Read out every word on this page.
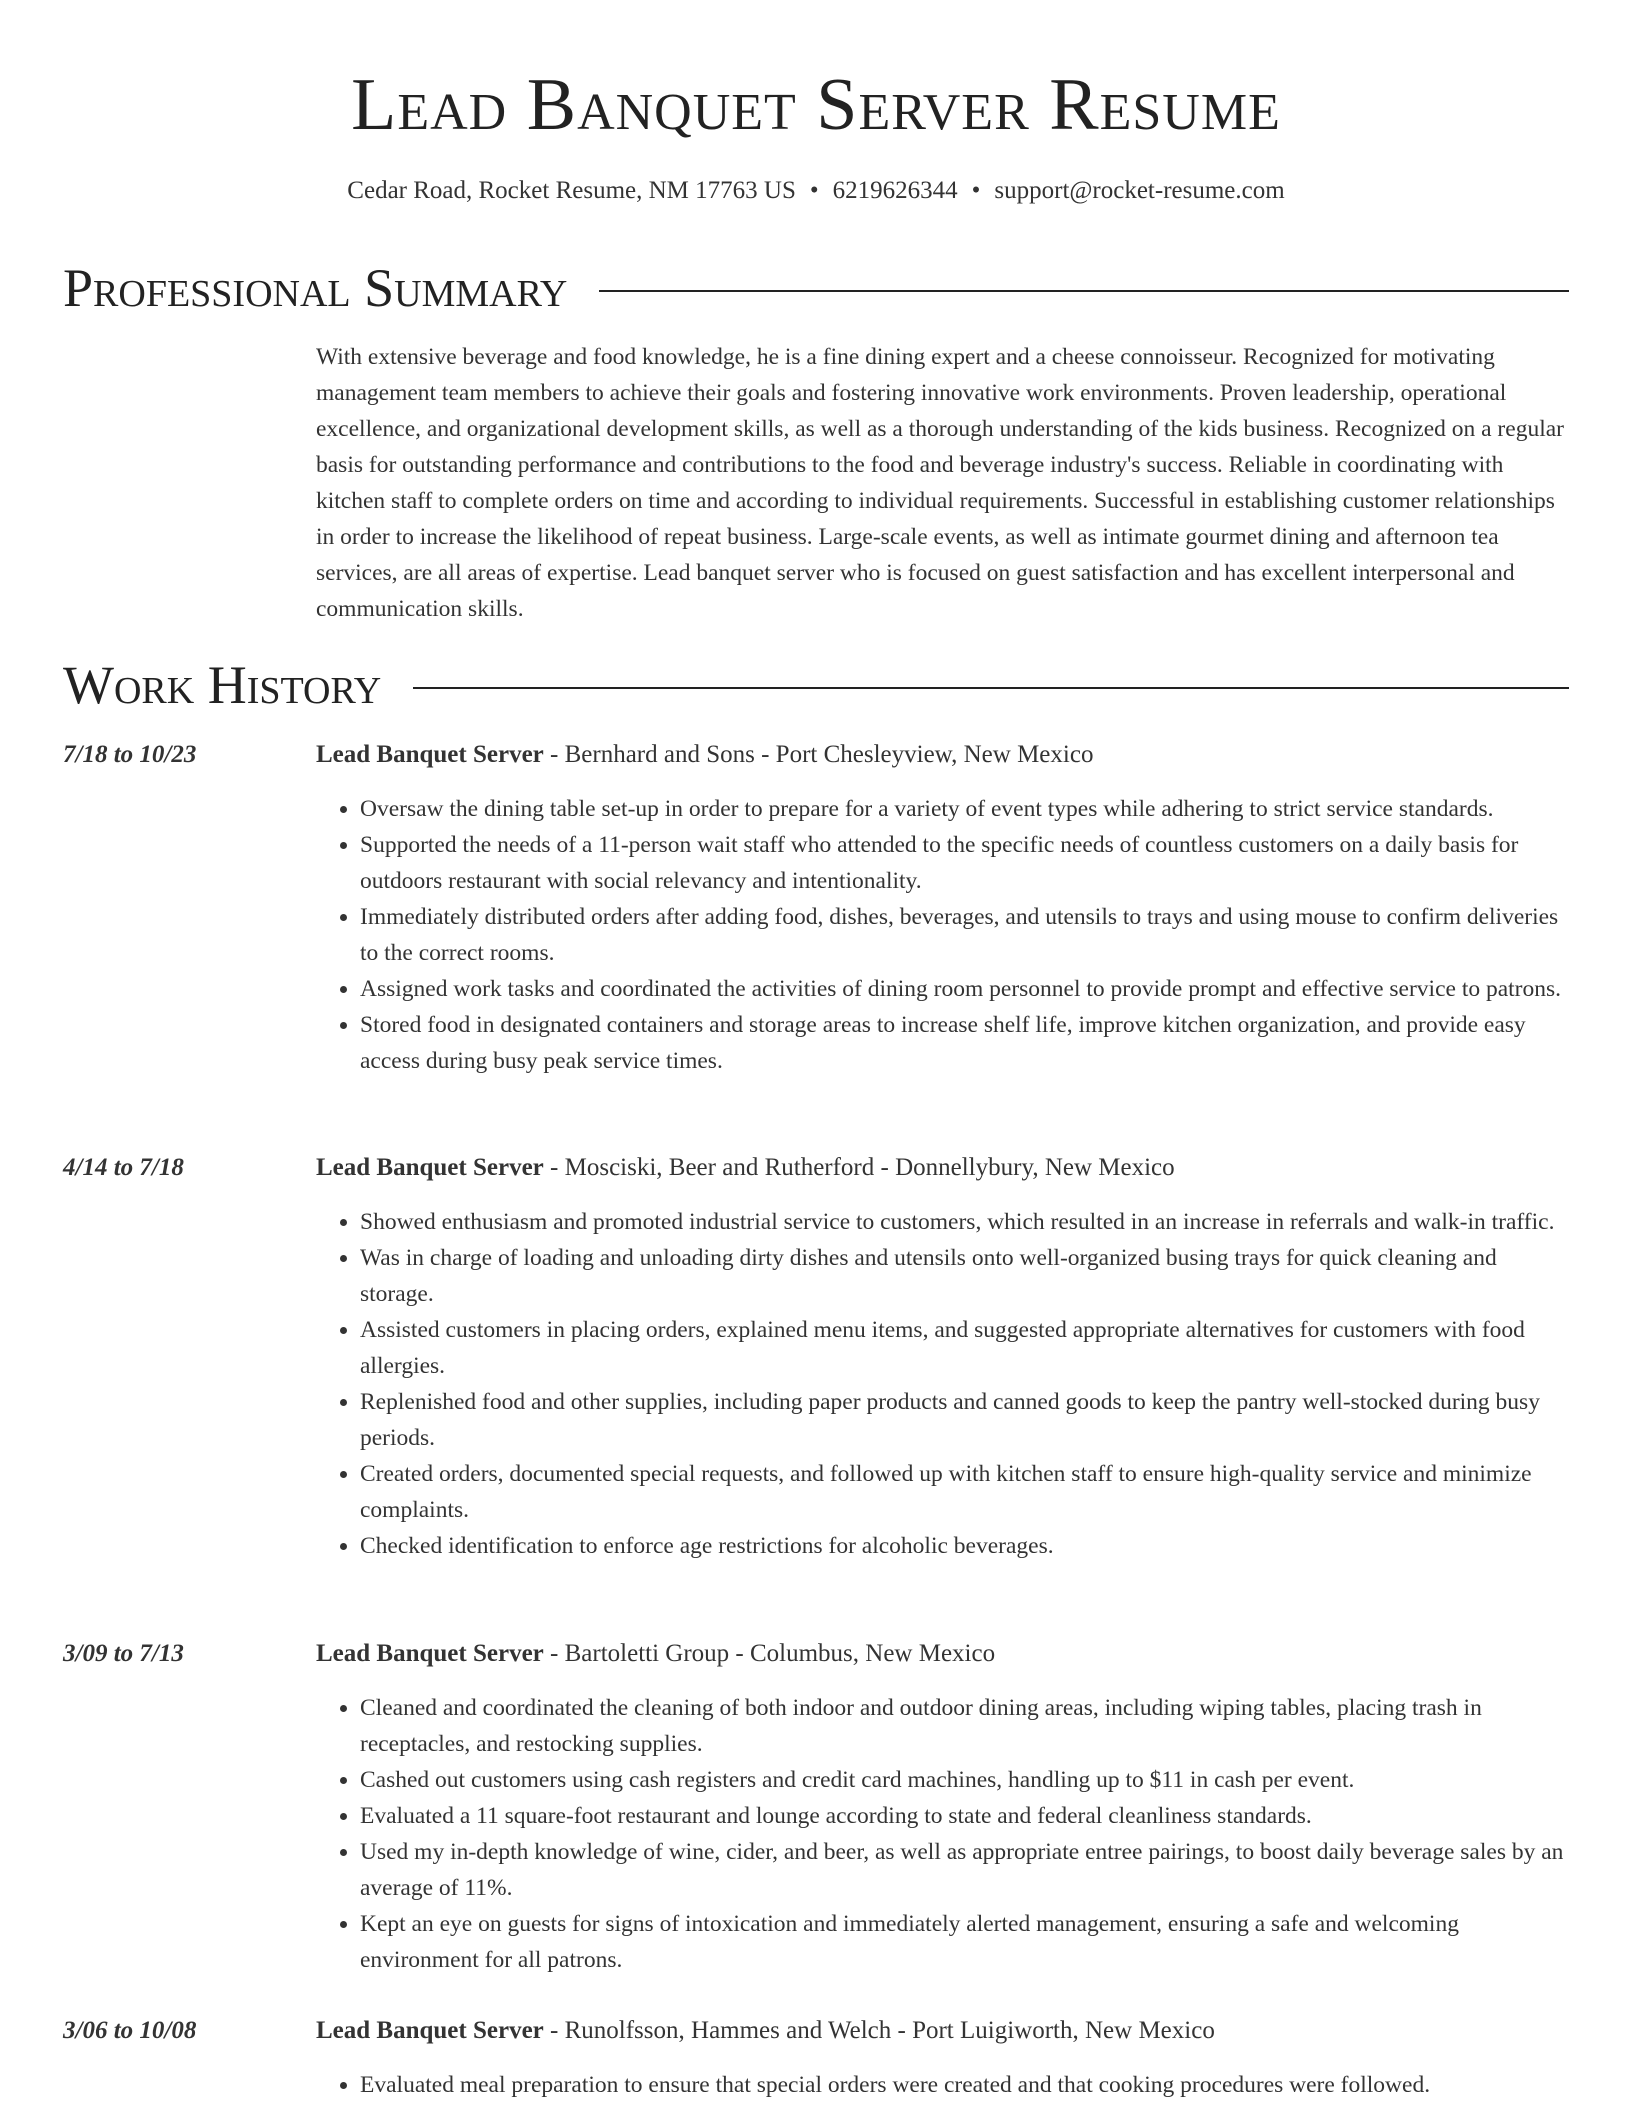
Lead Banquet Server Resume
Cedar Road, Rocket Resume, NM 17763 US • 6219626344 • support@rocket-resume.com
Professional Summary

With extensive beverage and food knowledge, he is a fine dining expert and a cheese connoisseur. Recognized for motivating management team members to achieve their goals and fostering innovative work environments. Proven leadership, operational excellence, and organizational development skills, as well as a thorough understanding of the kids business. Recognized on a regular basis for outstanding performance and contributions to the food and beverage industry's success. Reliable in coordinating with kitchen staff to complete orders on time and according to individual requirements. Successful in establishing customer relationships in order to increase the likelihood of repeat business. Large-scale events, as well as intimate gourmet dining and afternoon tea services, are all areas of expertise. Lead banquet server who is focused on guest satisfaction and has excellent interpersonal and communication skills.

Work History
7/18 to 10/23	Lead Banquet Server - Bernhard and Sons - Port Chesleyview, New Mexico
• Oversaw the dining table set-up in order to prepare for a variety of event types while adhering to strict service standards.
• Supported the needs of a 11-person wait staff who attended to the specific needs of countless customers on a daily basis for outdoors restaurant with social relevancy and intentionality.
• Immediately distributed orders after adding food, dishes, beverages, and utensils to trays and using mouse to confirm deliveries to the correct rooms.
• Assigned work tasks and coordinated the activities of dining room personnel to provide prompt and effective service to patrons.
• Stored food in designated containers and storage areas to increase shelf life, improve kitchen organization, and provide easy access during busy peak service times.
4/14 to 7/18	Lead Banquet Server - Mosciski, Beer and Rutherford - Donnellybury, New Mexico
• Showed enthusiasm and promoted industrial service to customers, which resulted in an increase in referrals and walk-in traffic.
• Was in charge of loading and unloading dirty dishes and utensils onto well-organized busing trays for quick cleaning and storage.
• Assisted customers in placing orders, explained menu items, and suggested appropriate alternatives for customers with food allergies.
• Replenished food and other supplies, including paper products and canned goods to keep the pantry well-stocked during busy periods.
• Created orders, documented special requests, and followed up with kitchen staff to ensure high-quality service and minimize complaints.
• Checked identification to enforce age restrictions for alcoholic beverages.
3/09 to 7/13	Lead Banquet Server - Bartoletti Group - Columbus, New Mexico
• Cleaned and coordinated the cleaning of both indoor and outdoor dining areas, including wiping tables, placing trash in receptacles, and restocking supplies.
• Cashed out customers using cash registers and credit card machines, handling up to $11 in cash per event.
• Evaluated a 11 square-foot restaurant and lounge according to state and federal cleanliness standards.
• Used my in-depth knowledge of wine, cider, and beer, as well as appropriate entree pairings, to boost daily beverage sales by an average of 11%.
• Kept an eye on guests for signs of intoxication and immediately alerted management, ensuring a safe and welcoming environment for all patrons.
3/06 to 10/08	Lead Banquet Server - Runolfsson, Hammes and Welch - Port Luigiworth, New Mexico
• Evaluated meal preparation to ensure that special orders were created and that cooking procedures were followed.
